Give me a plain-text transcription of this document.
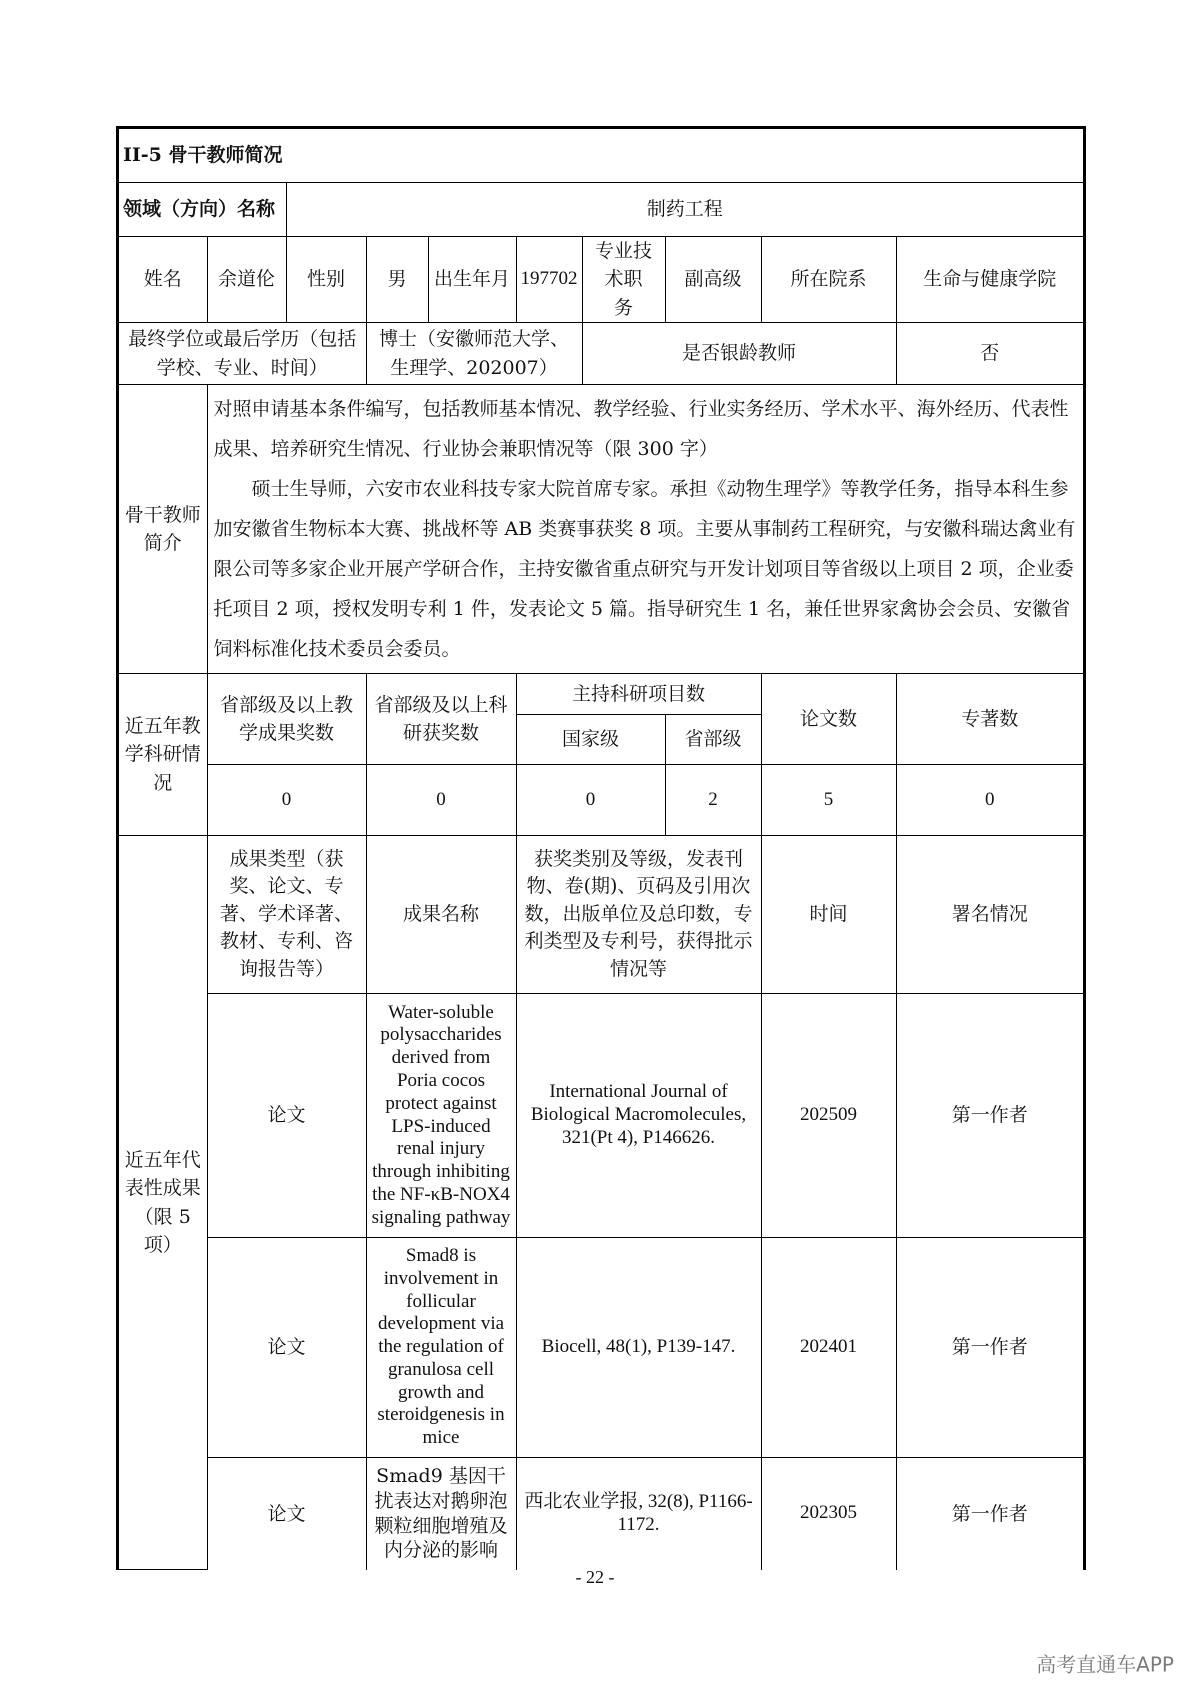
II-5 骨干教师简况									
领域（方向）名称		制药工程							
姓名	余道伦	性别	男	出生年月	197702	专业技术职　务	副高级	所在院系	生命与健康学院
最终学位或最后学历（包括学校、专业、时间）			博士（安徽师范大学、生理学、202007）			是否银龄教师			否
骨干教师简介	对照申请基本条件编写，包括教师基本情况、教学经验、行业实务经历、学术水平、海外经历、代表性成果、培养研究生情况、行业协会兼职情况等（限 300 字）

硕士生导师，六安市农业科技专家大院首席专家。承担《动物生理学》等教学任务，指导本科生参加安徽省生物标本大赛、挑战杯等 AB 类赛事获奖 8 项。主要从事制药工程研究，与安徽科瑞达禽业有限公司等多家企业开展产学研合作，主持安徽省重点研究与开发计划项目等省级以上项目 2 项，企业委托项目 2 项，授权发明专利 1 件，发表论文 5 篇。指导研究生 1 名，兼任世界家禽协会会员、安徽省饲料标准化技术委员会委员。								

近五年教学科研情况	省部级及以上教学成果奖数		省部级及以上科研获奖数		主持科研项目数			论文数	专著数
					国家级		省部级		
	0		0		0		2	5	0
近五年代表性成果（限 5 项）	成果类型（获奖、论文、专著、学术译著、教材、专利、咨询报告等）		成果名称		获奖类别及等级，发表刊物、卷(期)、页码及引用次数，出版单位及总印数，专利类型及专利号，获得批示情况等			时间	署名情况
	论文		Water-soluble polysaccharides derived from Poria cocos protect against LPS-induced renal injury through inhibiting the NF-κB-NOX4 signaling pathway		International Journal of Biological Macromolecules, 321(Pt 4), P146626.			202509	第一作者
	论文		Smad8 is involvement in follicular development via the regulation of granulosa cell growth and steroidgenesis in mice		Biocell, 48(1), P139-147.			202401	第一作者
	论文		Smad9 基因干扰表达对鹅卵泡颗粒细胞增殖及内分泌的影响		西北农业学报, 32(8), P1166-1172.			202305	第一作者
- 22 -
高考直通车APP
